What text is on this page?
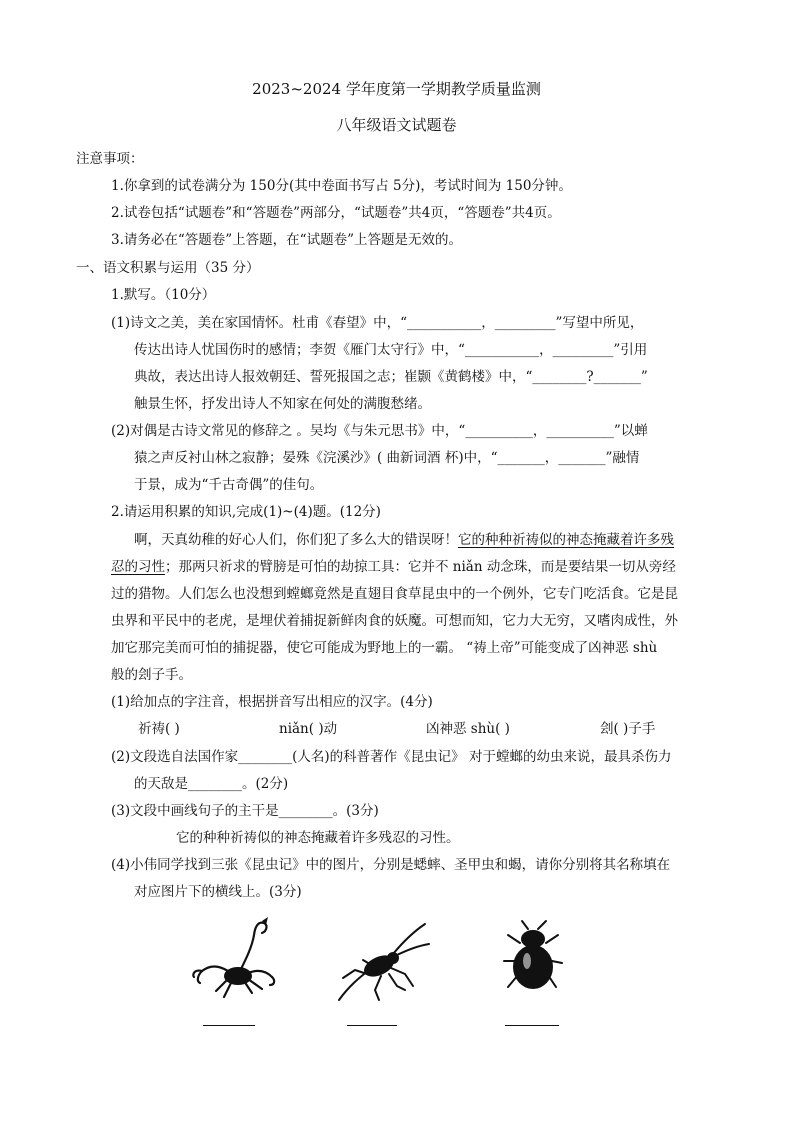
2023~2024 学年度第一学期教学质量监测
八年级语文试题卷
注意事项：
1.你拿到的试卷满分为 150分(其中卷面书写占 5分)，考试时间为 150分钟。
2.试卷包括“试题卷”和“答题卷”两部分，“试题卷”共4页，“答题卷”共4页。
3.请务必在“答题卷”上答题，在“试题卷”上答题是无效的。
一、语文积累与运用（35 分）
1.默写。（10分）
(1)诗文之美，美在家国情怀。杜甫《春望》中，“___________，_________”写望中所见，
传达出诗人忧国伤时的感情；李贺《雁门太守行》中，“___________，_________”引用
典故，表达出诗人报效朝廷、誓死报国之志；崔颢《黄鹤楼》中，“________?_______”
触景生怀，抒发出诗人不知家在何处的满腹愁绪。
(2)对偶是古诗文常见的修辞之 。吴均《与朱元思书》中，“__________，__________”以蝉
猿之声反衬山林之寂静；晏殊《浣溪沙》( 曲新词酒 杯)中，“_______，_______”融情
于景，成为“千古奇偶”的佳句。
2.请运用积累的知识,完成(1)~(4)题。(12分)
啊，天真幼稚的好心人们，你们犯了多么大的错误呀！它的种种祈祷似的神态掩藏着许多残
忍的习性；那两只祈求的臂膀是可怕的劫掠工具：它并不 niǎn 动念珠，而是要结果一切从旁经
过的猎物。人们怎么也没想到螳螂竟然是直翅目食草昆虫中的一个例外，它专门吃活食。它是昆
虫界和平民中的老虎，是埋伏着捕捉新鲜肉食的妖魔。可想而知，它力大无穷，又嗜肉成性，外
加它那完美而可怕的捕捉器，使它可能成为野地上的一霸。 “祷上帝”可能变成了凶神恶 shù
般的刽子手。
(1)给加点的字注音，根据拼音写出相应的汉字。(4分)
祈祷( )	niǎn( )动	凶神恶 shù( )	刽( )子手
(2)文段选自法国作家________(人名)的科普著作《昆虫记》 对于螳螂的幼虫来说，最具杀伤力
的天敌是________。(2分)
(3)文段中画线句子的主干是________。(3分)
它的种种祈祷似的神态掩藏着许多残忍的习性。
(4)小伟同学找到三张《昆虫记》中的图片，分别是蟋蟀、圣甲虫和蝎，请你分别将其名称填在
对应图片下的横线上。(3分)
